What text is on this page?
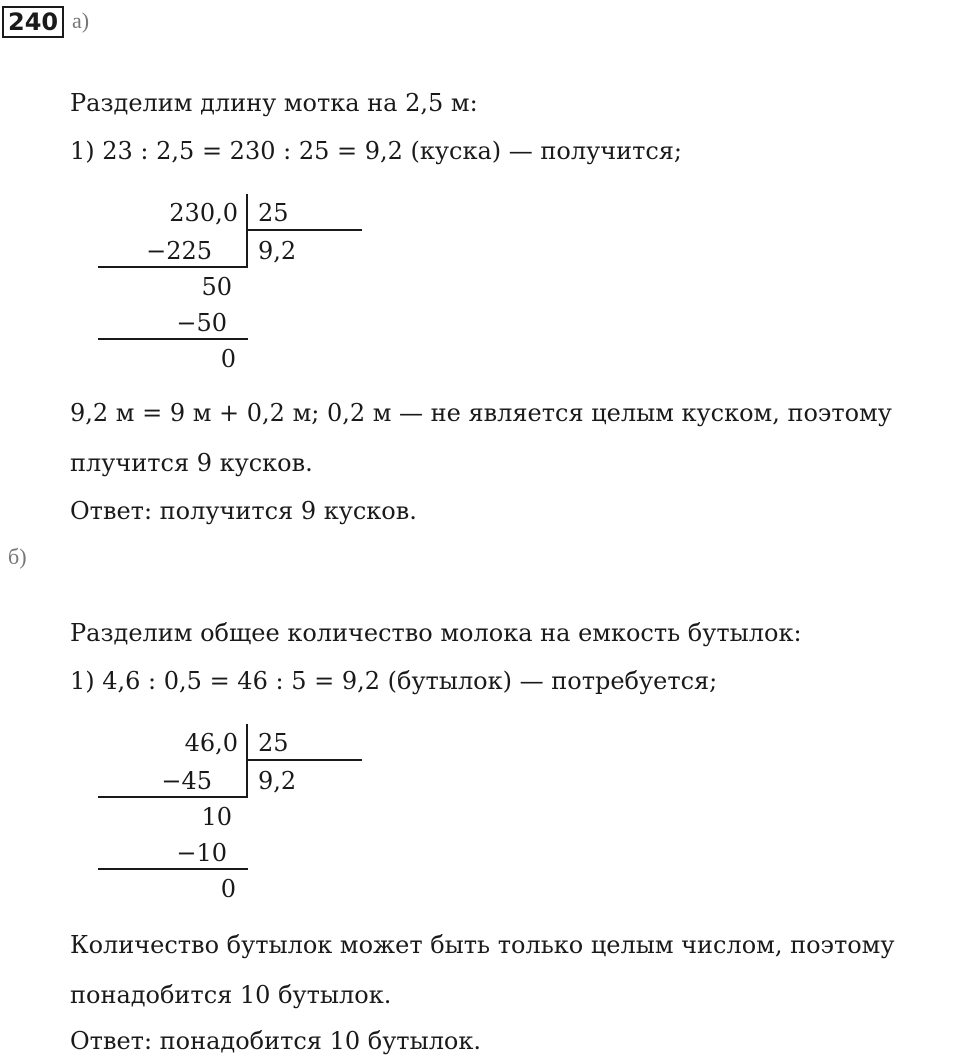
240 а)
Разделим длину мотка на 2,5 м:
1) 23 : 2,5 = 230 : 25 = 9,2 (куска) — получится;
230,0 25
−225 9,2
50
−50
0
9,2 м = 9 м + 0,2 м; 0,2 м — не является целым куском, поэтому
плучится 9 кусков.
Ответ: получится 9 кусков.
б)
Разделим общее количество молока на емкость бутылок:
1) 4,6 : 0,5 = 46 : 5 = 9,2 (бутылок) — потребуется;
46,0 25
−45 9,2
10
−10
0
Количество бутылок может быть только целым числом, поэтому
понадобится 10 бутылок.
Ответ: понадобится 10 бутылок.
